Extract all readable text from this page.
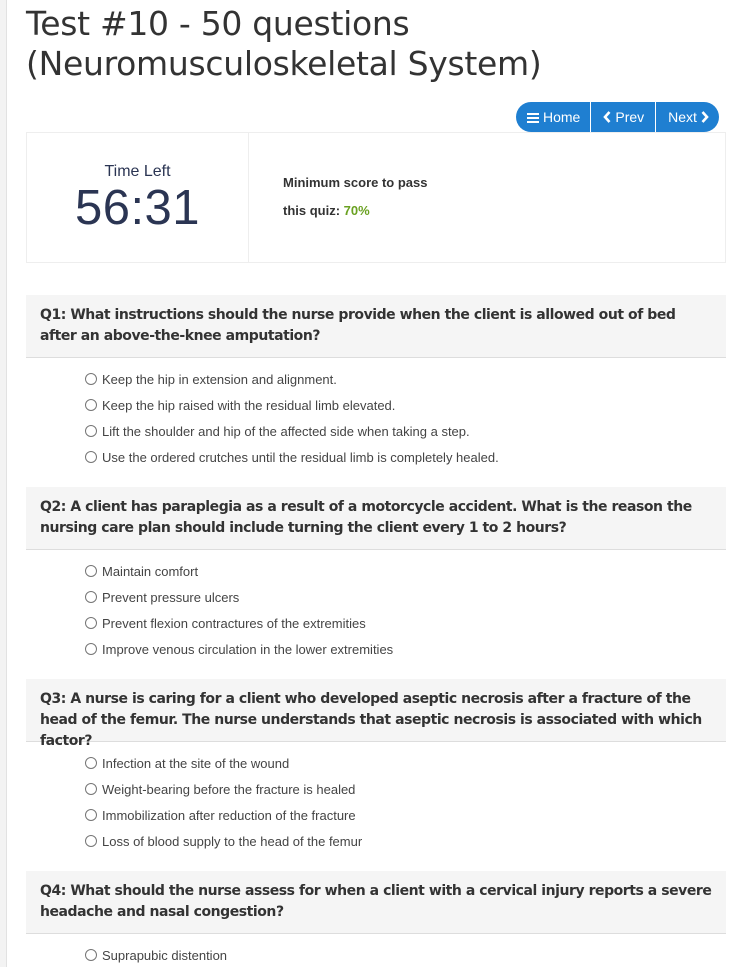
Test #10 - 50 questions (Neuromusculoskeletal System)
Home	Prev Next
Time Left
56:31	Minimum score to pass
this quiz: 70%
Q1: What instructions should the nurse provide when the client is allowed out of bed after an above-the-knee amputation?
Keep the hip in extension and alignment.
Keep the hip raised with the residual limb elevated.
Lift the shoulder and hip of the affected side when taking a step.
Use the ordered crutches until the residual limb is completely healed.
Q2: A client has paraplegia as a result of a motorcycle accident. What is the reason the nursing care plan should include turning the client every 1 to 2 hours?
Maintain comfort
Prevent pressure ulcers
Prevent flexion contractures of the extremities
Improve venous circulation in the lower extremities
Q3: A nurse is caring for a client who developed aseptic necrosis after a fracture of the head of the femur. The nurse understands that aseptic necrosis is associated with which factor?
Infection at the site of the wound
Weight-bearing before the fracture is healed
Immobilization after reduction of the fracture
Loss of blood supply to the head of the femur
Q4: What should the nurse assess for when a client with a cervical injury reports a severe headache and nasal congestion?
Suprapubic distention
